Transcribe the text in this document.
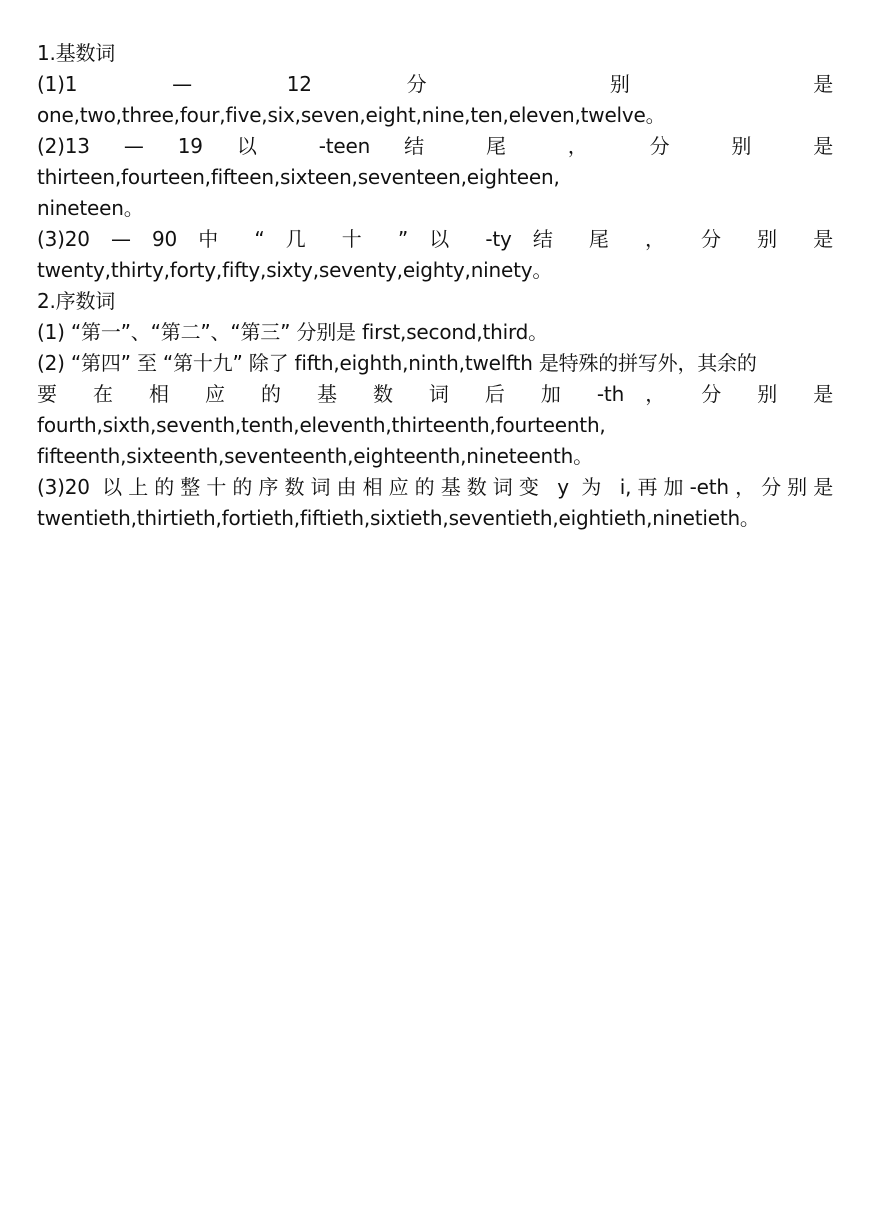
1.基数词
(1)1 — 12 分 别 是
one,two,three,four,five,six,seven,eight,nine,ten,eleven,twelve。
(2)13 — 19 以 -teen 结 尾 ， 分 别 是
thirteen,fourteen,fifteen,sixteen,seventeen,eighteen,
nineteen。
(3)20 — 90 中 “ 几 十 ” 以 -ty 结 尾 ， 分 别 是
twenty,thirty,forty,fifty,sixty,seventy,eighty,ninety。
2.序数词
(1) “第一”、“第二”、“第三” 分别是 first,second,third。
(2) “第四” 至 “第十九” 除了 fifth,eighth,ninth,twelfth 是特殊的拼写外，其余的
要 在 相 应 的 基 数 词 后 加 -th ， 分 别 是
fourth,sixth,seventh,tenth,eleventh,thirteenth,fourteenth,
fifteenth,sixteenth,seventeenth,eighteenth,nineteenth。
(3)20 以上的整十的序数词由相应的基数词变 y 为 i,再加-eth，分别是
twentieth,thirtieth,fortieth,fiftieth,sixtieth,seventieth,eightieth,ninetieth。
